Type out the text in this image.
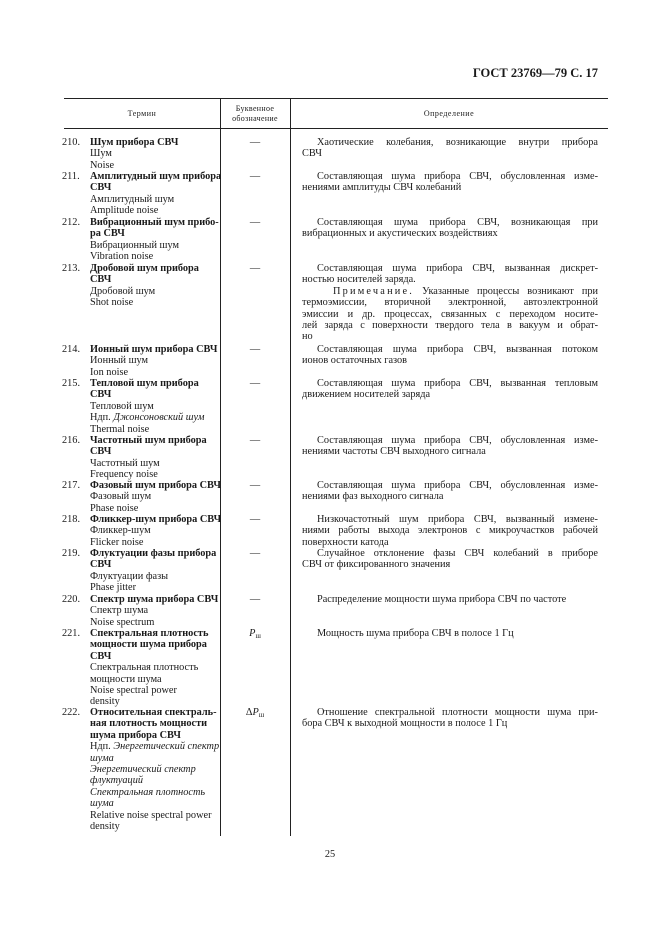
ГОСТ 23769—79 С. 17
Термин
Буквенное
обозначение
Определение
210. Шум прибора СВЧ
Шум
Noise
—	Хаотические колебания, возникающие внутри прибора
СВЧ
211.	Амплитудный шум прибора
СВЧ
Амплитудный шум
Amplitude noise
—	Составляющая шума прибора СВЧ, обусловленная изме-
нениями амплитуды СВЧ колебаний
212. Вибрационный шум прибо-
ра СВЧ
Вибрационный шум
Vibration noise
—	Составляющая шума прибора СВЧ, возникающая при
вибрационных и акустических воздействиях
213. Дробовой шум прибора
СВЧ
Дробовой шум
Shot noise
—	Составляющая шума прибора СВЧ, вызванная дискрет-
ностью носителей заряда.
Примечание. Указанные процессы возникают при
термоэмиссии, вторичной электронной, автоэлектронной
эмиссии и др. процессах, связанных с переходом носите-
лей заряда с поверхности твердого тела в вакуум и обрат-
но
214. Ионный шум прибора СВЧ
Ионный шум
Ion noise
—	Составляющая шума прибора СВЧ, вызванная потоком
ионов остаточных газов
215. Тепловой шум прибора
СВЧ
Тепловой шум
Ндп. Джонсоновский шум
Thermal noise
—	Составляющая шума прибора СВЧ, вызванная тепловым
движением носителей заряда
216. Частотный шум прибора
СВЧ
Частотный шум
Frequency noise
—	Составляющая шума прибора СВЧ, обусловленная изме-
нениями частоты СВЧ выходного сигнала
217. Фазовый шум прибора СВЧ
Фазовый шум
Phase noise
—	Составляющая шума прибора СВЧ, обусловленная изме-
нениями фаз выходного сигнала
218. Фликкер-шум прибора СВЧ
Фликкер-шум
Flicker noise
—	Низкочастотный шум прибора СВЧ, вызванный измене-
ниями работы выхода электронов с микроучастков рабочей
поверхности катода
219. Флуктуации фазы прибора
СВЧ
Флуктуации фазы
Phase jitter
—	Случайное отклонение фазы СВЧ колебаний в приборе
СВЧ от фиксированного значения
220. Спектр шума прибора СВЧ
Спектр шума
Noise spectrum
—	Распределение мощности шума прибора СВЧ по частоте
221. Спектральная плотность
мощности шума прибора
СВЧ
Спектральная плотность
мощности шума
Noise spectral power
density
$P_ш$	Мощность шума прибора СВЧ в полосе 1 Гц
222. Относительная спектраль-
ная плотность мощности
шума прибора СВЧ
Ндп. Энергетический спектр
шума
Энергетический спектр
флуктуаций
Спектральная плотность
шума
Relative noise spectral power
density
$\Delta P_ш$	Отношение спектральной плотности мощности шума при-
бора СВЧ к выходной мощности в полосе 1 Гц
25
